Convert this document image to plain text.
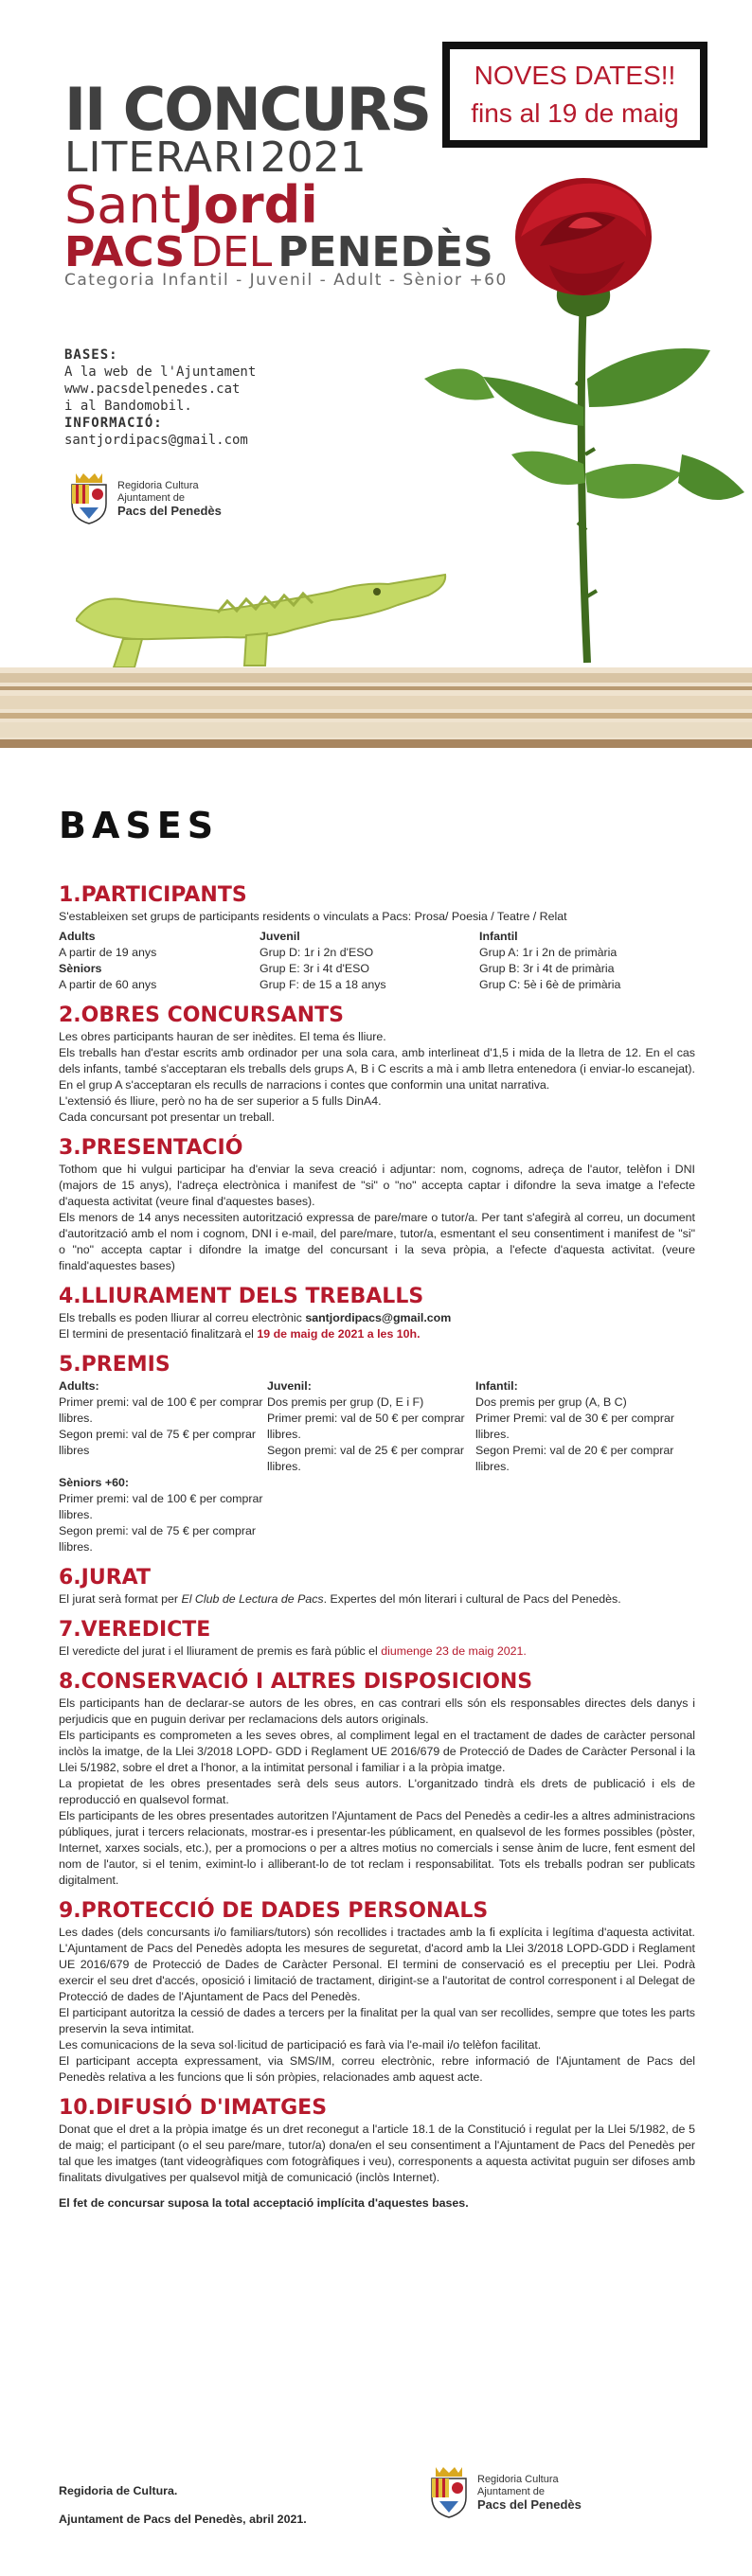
II CONCURS
LITERARI 2021
Sant Jordi
PACS DEL PENEDÈS
Categoria Infantil - Juvenil - Adult - Sènior +60
NOVES DATES!!
fins al 19 de maig
BASES:
A la web de l'Ajuntament
www.pacsdelpenedes.cat
i al Bandomobil.
INFORMACIÓ:
santjordipacs@gmail.com
Regidoria Cultura
Ajuntament de
Pacs del Penedès
BASES
1.PARTICIPANTS

S'estableixen set grups de participants residents o vinculats a Pacs: Prosa/ Poesia / Teatre / Relat

Adults
A partir de 19 anys
Sèniors
A partir de 60 anys
Juvenil
Grup D: 1r i 2n d'ESO
Grup E: 3r i 4t d'ESO
Grup F: de 15 a 18 anys
Infantil
Grup A: 1r i 2n de primària
Grup B: 3r i 4t de primària
Grup C: 5è i 6è de primària
2.OBRES CONCURSANTS

Les obres participants hauran de ser inèdites. El tema és lliure.

Els treballs han d'estar escrits amb ordinador per una sola cara, amb interlineat d'1,5 i mida de la lletra de 12. En el cas dels infants, també s'acceptaran els treballs dels grups A, B i C escrits a mà i amb lletra entenedora (i enviar-lo escanejat). En el grup A s'acceptaran els reculls de narracions i contes que conformin una unitat narrativa.

L'extensió és lliure, però no ha de ser superior a 5 fulls DinA4.

Cada concursant pot presentar un treball.

3.PRESENTACIÓ

Tothom que hi vulgui participar ha d'enviar la seva creació i adjuntar: nom, cognoms, adreça de l'autor, telèfon i DNI (majors de 15 anys), l'adreça electrònica i manifest de "si" o "no" accepta captar i difondre la seva imatge a l'efecte d'aquesta activitat (veure final d'aquestes bases).

Els menors de 14 anys necessiten autorització expressa de pare/mare o tutor/a. Per tant s'afegirà al correu, un document d'autorització amb el nom i cognom, DNI i e-mail, del pare/mare, tutor/a, esmentant el seu consentiment i manifest de "si" o "no" accepta captar i difondre la imatge del concursant i la seva pròpia, a l'efecte d'aquesta activitat. (veure finald'aquestes bases)

4.LLIURAMENT DELS TREBALLS

Els treballs es poden lliurar al correu electrònic santjordipacs@gmail.com

El termini de presentació finalitzarà el 19 de maig de 2021 a les 10h.

5.PREMIS
Adults:
Primer premi: val de 100 € per comprar llibres.
Segon premi: val de 75 € per comprar llibres
Sèniors +60:
Primer premi: val de 100 € per comprar llibres.
Segon premi: val de 75 € per comprar llibres.
Juvenil:
Dos premis per grup (D, E i F)
Primer premi: val de 50 € per comprar llibres.
Segon premi: val de 25 € per comprar llibres.
Infantil:
Dos premis per grup (A, B C)
Primer Premi: val de 30 € per comprar llibres.
Segon Premi: val de 20 € per comprar llibres.
6.JURAT

El jurat serà format per El Club de Lectura de Pacs. Expertes del món literari i cultural de Pacs del Penedès.

7.VEREDICTE

El veredicte del jurat i el lliurament de premis es farà públic el diumenge 23 de maig 2021.

8.CONSERVACIÓ I ALTRES DISPOSICIONS

Els participants han de declarar-se autors de les obres, en cas contrari ells són els responsables directes dels danys i perjudicis que en puguin derivar per reclamacions dels autors originals.

Els participants es comprometen a les seves obres, al compliment legal en el tractament de dades de caràcter personal inclòs la imatge, de la Llei 3/2018 LOPD- GDD i Reglament UE 2016/679 de Protecció de Dades de Caràcter Personal i la Llei 5/1982, sobre el dret a l'honor, a la intimitat personal i familiar i a la pròpia imatge.

La propietat de les obres presentades serà dels seus autors. L'organitzado tindrà els drets de publicació i els de reproducció en qualsevol format.

Els participants de les obres presentades autoritzen l'Ajuntament de Pacs del Penedès a cedir-les a altres administracions públiques, jurat i tercers relacionats, mostrar-es i presentar-les públicament, en qualsevol de les formes possibles (pòster, Internet, xarxes socials, etc.), per a promocions o per a altres motius no comercials i sense ànim de lucre, fent esment del nom de l'autor, si el tenim, eximint-lo i alliberant-lo de tot reclam i responsabilitat. Tots els treballs podran ser publicats digitalment.

9.PROTECCIÓ DE DADES PERSONALS

Les dades (dels concursants i/o familiars/tutors) són recollides i tractades amb la fi explícita i legítima d'aquesta activitat. L'Ajuntament de Pacs del Penedès adopta les mesures de seguretat, d'acord amb la Llei 3/2018 LOPD-GDD i Reglament UE 2016/679 de Protecció de Dades de Caràcter Personal. El termini de conservació es el preceptiu per Llei. Podrà exercir el seu dret d'accés, oposició i limitació de tractament, dirigint-se a l'autoritat de control corresponent i al Delegat de Protecció de dades de l'Ajuntament de Pacs del Penedès.

El participant autoritza la cessió de dades a tercers per la finalitat per la qual van ser recollides, sempre que totes les parts preservin la seva intimitat.

Les comunicacions de la seva sol·licitud de participació es farà via l'e-mail i/o telèfon facilitat.

El participant accepta expressament, via SMS/IM, correu electrònic, rebre informació de l'Ajuntament de Pacs del Penedès relativa a les funcions que li són pròpies, relacionades amb aquest acte.

10.DIFUSIÓ D'IMATGES

Donat que el dret a la pròpia imatge és un dret reconegut a l'article 18.1 de la Constitució i regulat per la Llei 5/1982, de 5 de maig; el participant (o el seu pare/mare, tutor/a) dona/en el seu consentiment a l'Ajuntament de Pacs del Penedès per tal que les imatges (tant videogràfiques com fotogràfiques i veu), corresponents a aquesta activitat puguin ser difoses amb finalitats divulgatives per qualsevol mitjà de comunicació (inclòs Internet).

El fet de concursar suposa la total acceptació implícita d'aquestes bases.

Regidoria de Cultura.
Ajuntament de Pacs del Penedès, abril 2021.
Regidoria Cultura
Ajuntament de
Pacs del Penedès
